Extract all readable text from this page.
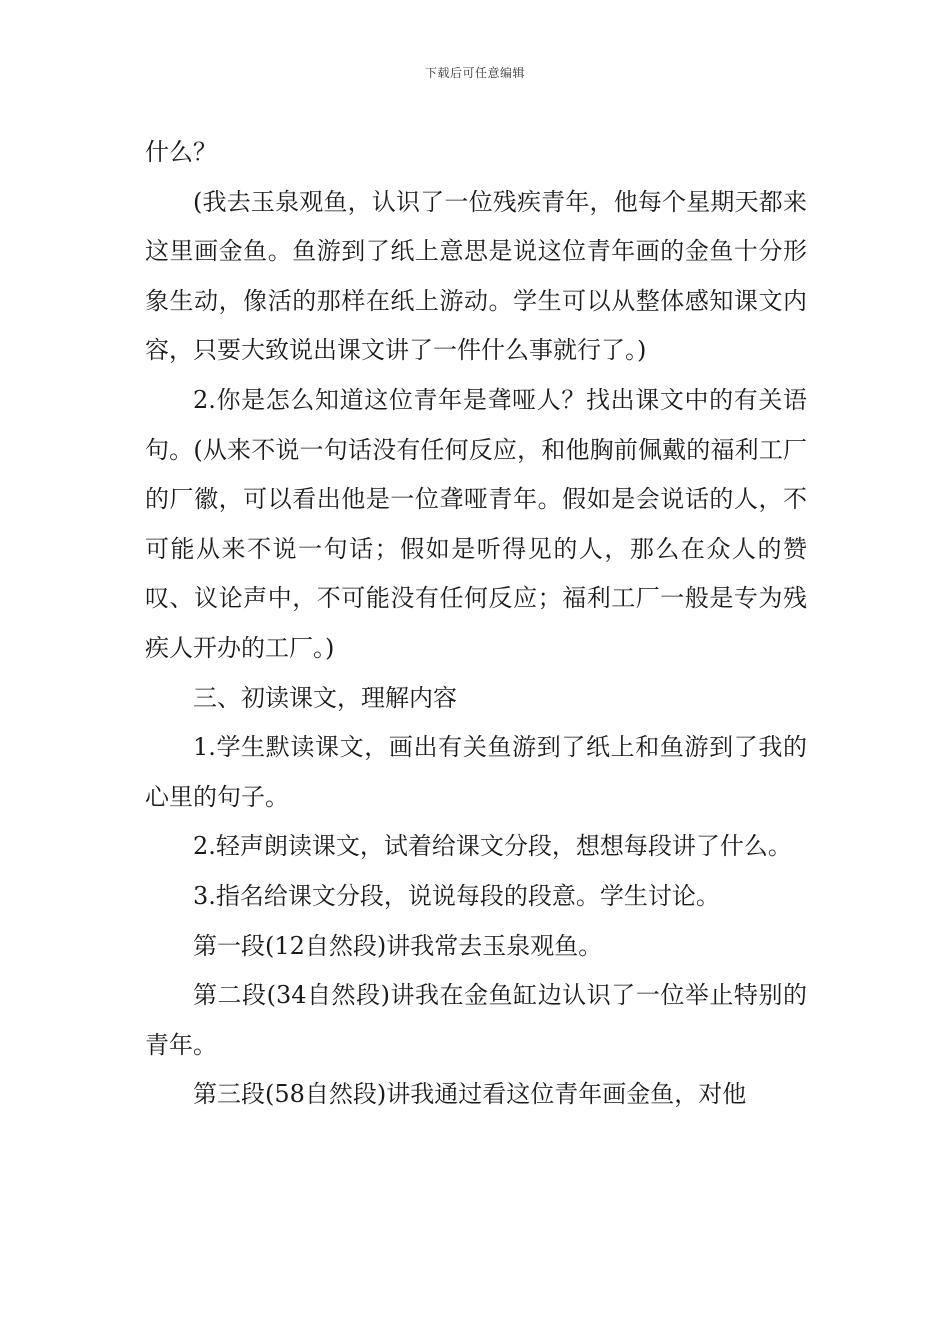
下载后可任意编辑

什么？

(我去玉泉观鱼，认识了一位残疾青年，他每个星期天都来这里画金鱼。鱼游到了纸上意思是说这位青年画的金鱼十分形象生动，像活的那样在纸上游动。学生可以从整体感知课文内容，只要大致说出课文讲了一件什么事就行了。)

2.你是怎么知道这位青年是聋哑人？找出课文中的有关语句。(从来不说一句话没有任何反应，和他胸前佩戴的福利工厂的厂徽，可以看出他是一位聋哑青年。假如是会说话的人，不可能从来不说一句话；假如是听得见的人，那么在众人的赞叹、议论声中，不可能没有任何反应；福利工厂一般是专为残疾人开办的工厂。)

三、初读课文，理解内容

1.学生默读课文，画出有关鱼游到了纸上和鱼游到了我的心里的句子。

2.轻声朗读课文，试着给课文分段，想想每段讲了什么。

3.指名给课文分段，说说每段的段意。学生讨论。

第一段(12自然段)讲我常去玉泉观鱼。

第二段(34自然段)讲我在金鱼缸边认识了一位举止特别的青年。

第三段(58自然段)讲我通过看这位青年画金鱼，对他
